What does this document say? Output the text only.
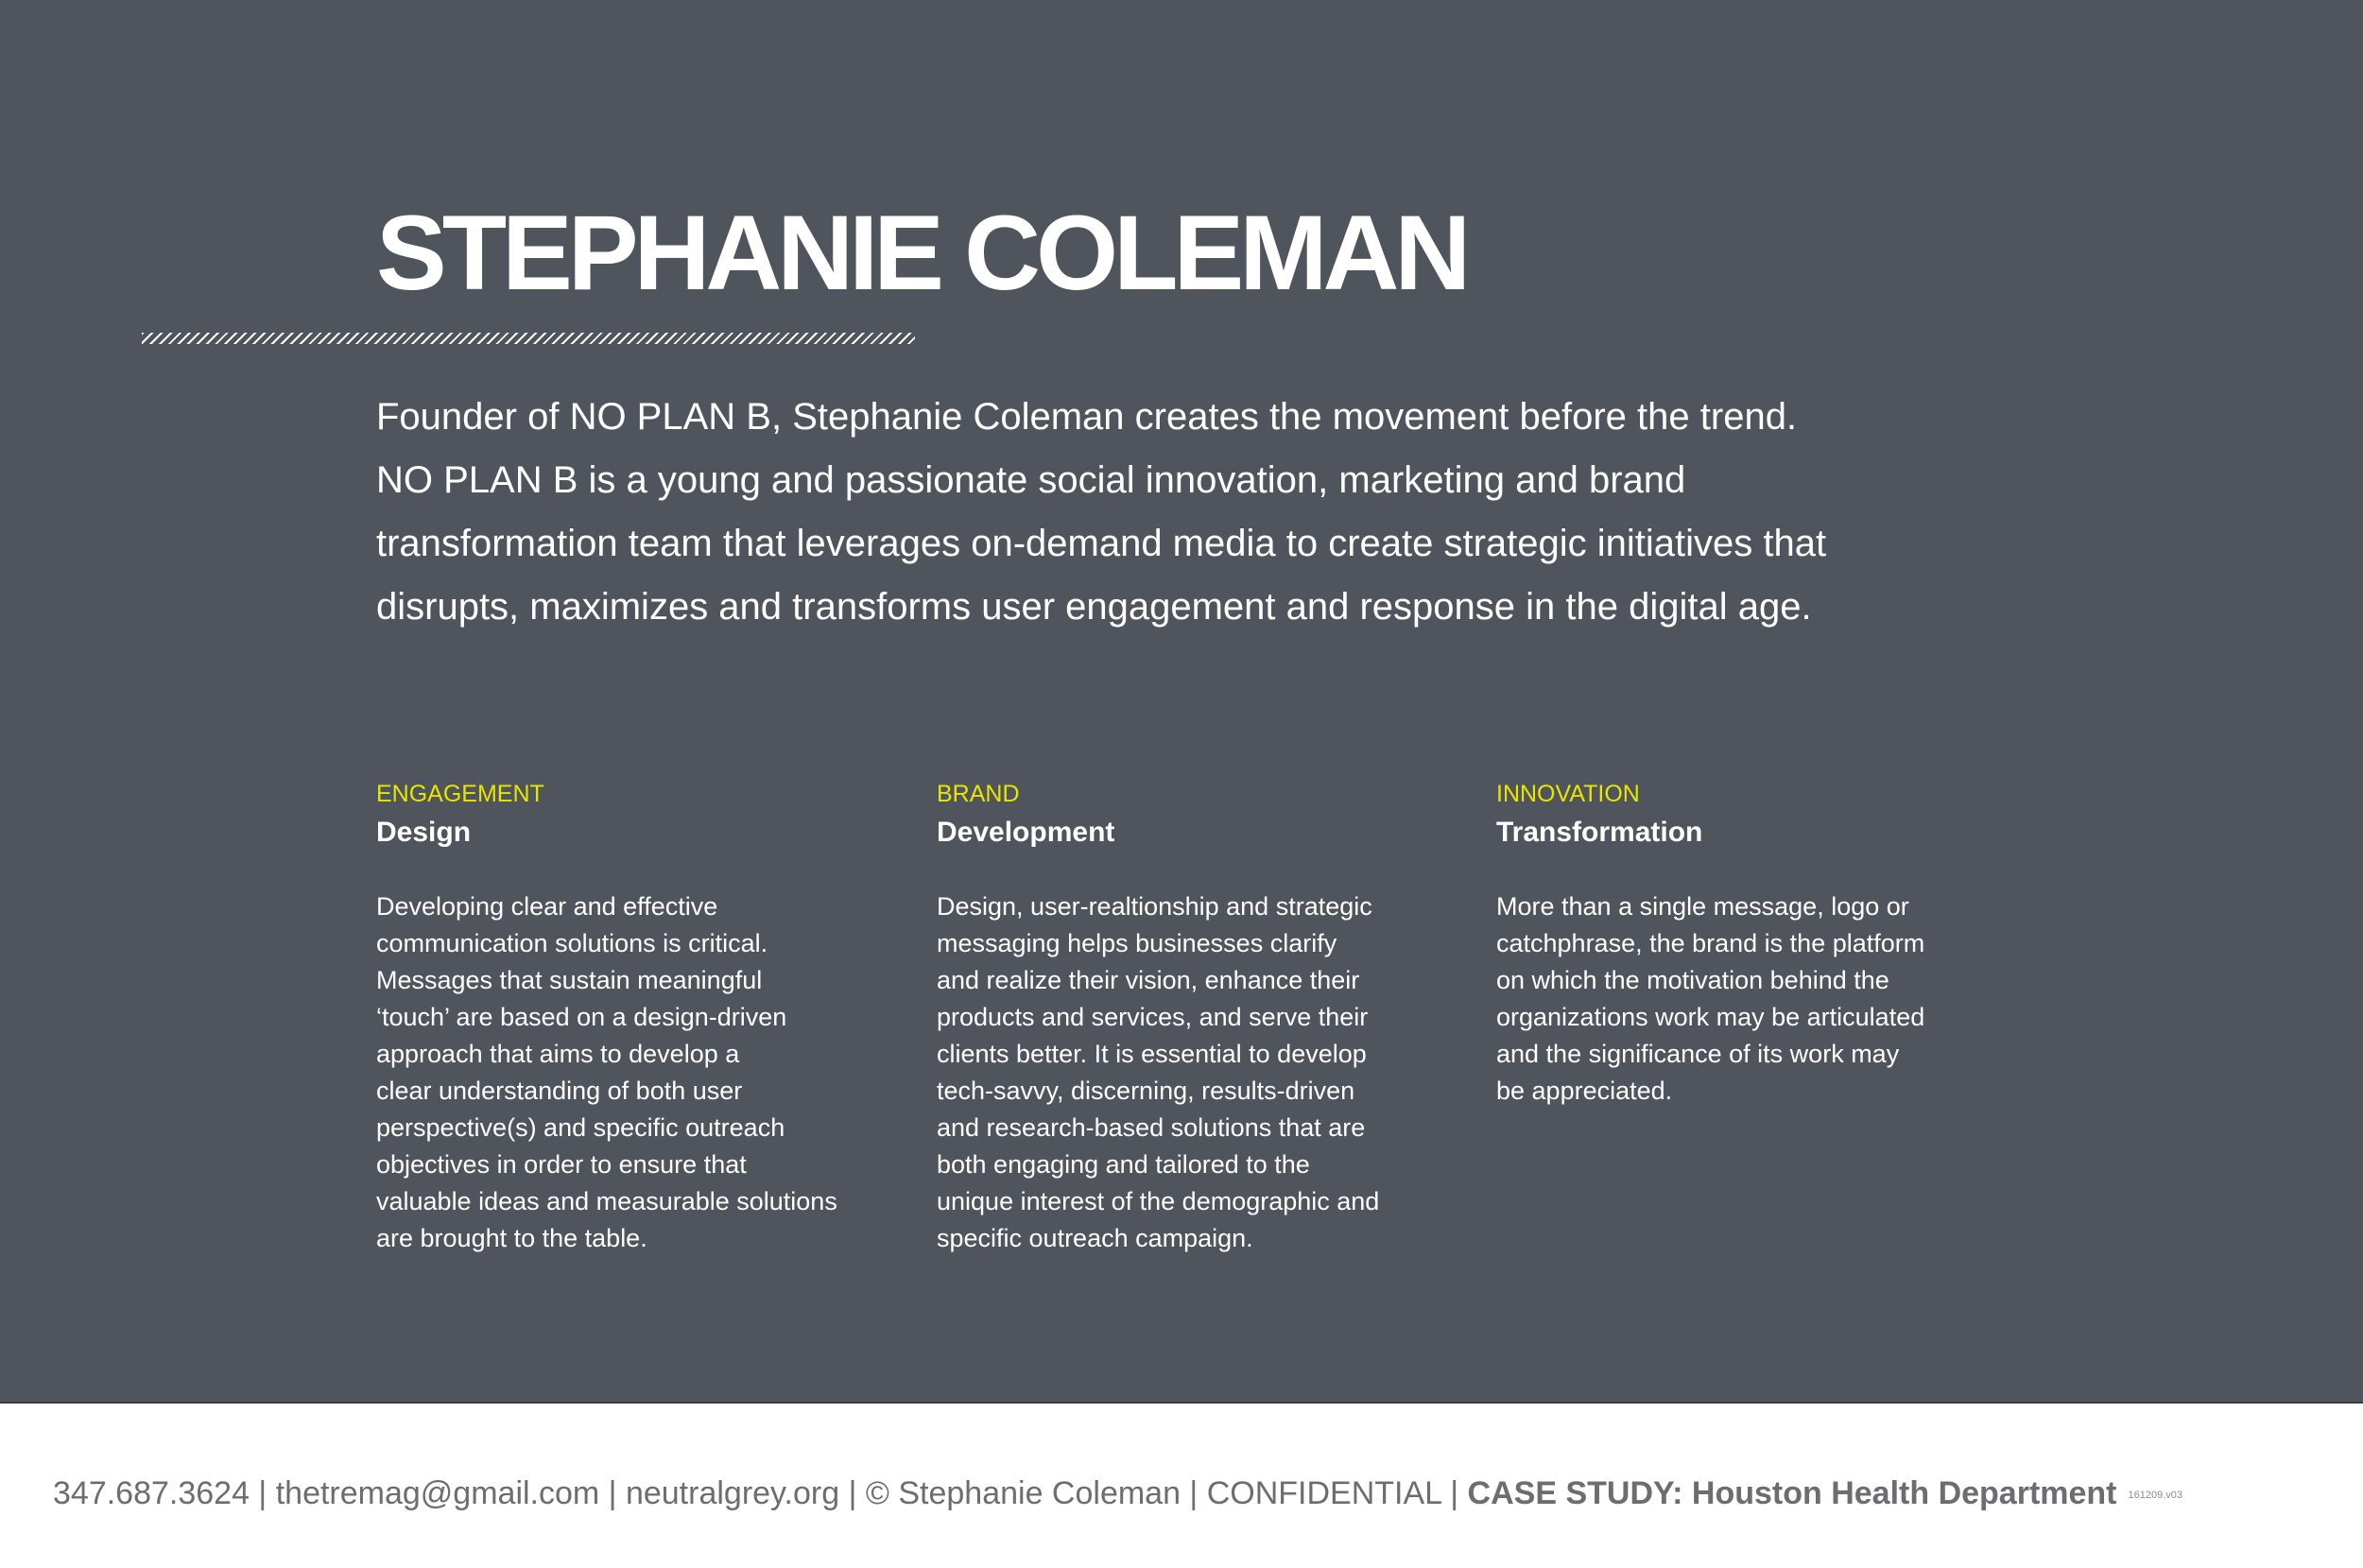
STEPHANIE COLEMAN
Founder of NO PLAN B, Stephanie Coleman creates the movement before the trend.
NO PLAN B is a young and passionate social innovation, marketing and brand
transformation team that leverages on-demand media to create strategic initiatives that
disrupts, maximizes and transforms user engagement and response in the digital age.
ENGAGEMENT
Design
Developing clear and effective
communication solutions is critical.
Messages that sustain meaningful
‘touch’ are based on a design-driven
approach that aims to develop a
clear understanding of both user
perspective(s) and specific outreach
objectives in order to ensure that
valuable ideas and measurable solutions
are brought to the table.
BRAND
Development
Design, user-realtionship and strategic
messaging helps businesses clarify
and realize their vision, enhance their
products and services, and serve their
clients better. It is essential to develop
tech-savvy, discerning, results-driven
and research-based solutions that are
both engaging and tailored to the
unique interest of the demographic and
specific outreach campaign.
INNOVATION
Transformation
More than a single message, logo or
catchphrase, the brand is the platform
on which the motivation behind the
organizations work may be articulated
and the significance of its work may
be appreciated.
347.687.3624 | thetremag@gmail.com | neutralgrey.org | © Stephanie Coleman | CONFIDENTIAL | CASE STUDY: Houston Health Department 161209.v03
